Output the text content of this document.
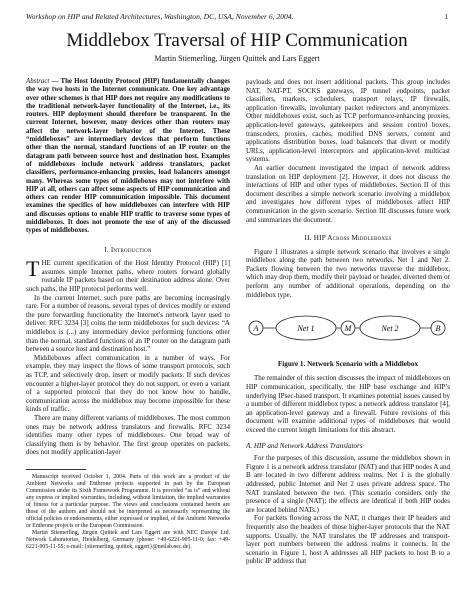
Workshop on HIP and Related Architectures, Washington, DC, USA, November 6, 2004.	1
Middlebox Traversal of HIP Communication
Martin Stiemerling, Jürgen Quittek and Lars Eggert
Abstract — The Host Identity Protocol (HIP) fundamentally changes the way two hosts in the Internet communicate. One key advantage over other schemes is that HIP does not require any modifications to the traditional network-layer functionality of the Internet, i.e., its routers. HIP deployment should therefore be transparent. In the current Internet, however, many devices other than routers may affect the network-layer behavior of the Internet. These “middleboxes” are intermediary devices that perform functions other than the normal, standard functions of an IP router on the datagram path between source host and destination host. Examples of middleboxes include network address translators, packet classifiers, performance-enhancing proxies, load balancers amongst many. Whereas some types of middleboxes may not interfere with HIP at all, others can affect some aspects of HIP communication and others can render HIP communication impossible. This document examines the specifics of how middleboxes can interfere with HIP and discusses options to enable HIP traffic to traverse some types of middleboxes. It does not promote the use of any of the discussed types of middleboxes.
I. Introduction

THE current specification of the Host Identity Protocol (HIP) [1] assumes simple Internet paths, where routers forward globally routable IP packets based on their destination address alone. Over such paths, the HIP protocol performs well.

In the current Internet, such pure paths are becoming increasingly rare. For a number of reasons, several types of devices modify or extend the pure forwarding functionality the Internet's network layer used to deliver. RFC 3234 [3] coins the term middleboxes for such devices: “A middlebox is (...) any intermediary device performing functions other than the normal, standard functions of an IP router on the datagram path between a source host and destination host.”

Middleboxes affect communication in a number of ways. For example, they may inspect the flows of some transport protocols, such as TCP, and selectively drop, insert or modify packets. If such devices encounter a higher-layer protocol they do not support, or even a variant of a supported protocol that they do not know how to handle, communication across the middlebox may become impossible for these kinds of traffic.

There are many different variants of middleboxes. The most common ones may be network address translators and firewalls. RFC 3234 identifies many other types of middleboxes. One broad way of classifying them is by behavior. The first group operates on packets, does not modify application-layer

Manuscript received October 1, 2004. Parts of this work are a product of the Ambient Networks and Enthrone projects supported in part by the European Commission under its Sixth Framework Programme. It is provided “as is” and without any express or implied warranties, including, without limitation, the implied warranties of fitness for a particular purpose. The views and conclusions contained herein are those of the authors and should not be interpreted as necessarily representing the official policies or endorsements, either expressed or implied, of the Ambient Networks or Enthrone projects or the European Commission.

Martin Stiemerling, Jürgen Quittek and Lars Eggert are with NEC Europe Ltd. Network Laboratories, Heidelberg, Germany (phone: +49-6221-905-11-0; fax: +49-6221-905-11-55; e-mail: {stiemerling, quittek, eggert}@netlab.nec.de).

payloads and does not insert additional packets. This group includes NAT, NAT-PT, SOCKS gateways, IP tunnel endpoints, packet classifiers, markers, schedulers, transport relays, IP firewalls, application firewalls, involuntary packet redirectors and anonymizers. Other middleboxes exist, such as TCP performance-enhancing proxies, application-level gateways, gatekeepers and session control boxes, transcoders, proxies, caches, modified DNS servers, content and applications distribution boxes, load balancers that divert or modify URLs, application-level interceptors and application-level multicast systems.

An earlier document investigated the impact of network address translation on HIP deployment [2]. However, it does not discuss the interactions of HIP and other types of middleboxes. Section II of this document describes a simple network scenario involving a middlebox and investigates how different types of middleboxes affect HIP communication in the given scenario. Section III discusses future work and summarizes the document.

II. HIP Across Middleboxes

Figure 1 illustrates a simple network scenario that involves a single middlebox along the path between two networks, Net 1 and Net 2. Packets flowing between the two networks traverse the middlebox, which may drop them, modify their payload or header, diverted them or perform any number of additional operations, depending on the middlebox type.

A	Net 1	M	Net 2	B
Figure 1. Network Scenario with a Middlebox

The remainder of this section discusses the impact of middleboxes on HIP communication, specifically, the HIP base exchange and HIP’s underlying IPsec-based transport. It examines potential issues caused by a number of different middlebox types: a network address translator [4], an application-level gateway and a firewall. Future revisions of this document will examine additional types of middleboxes that would exceed the current length limitations for this abstract.

A. HIP and Network Address Translators

For the purposes of this discussion, assume the middlebox shown in Figure 1 is a network address translator (NAT) and that HIP nodes A and B are located in two different address realms. Net 1 is the globally addressed, public Internet and Net 2 uses private address space. The NAT translated between the two. (This scenario considers only the presence of a single (NAT); the effects are identical if both HIP nodes are located behind NATs.)

For packets flowing across the NAT, it changes their IP headers and frequently also the headers of those higher-layer protocols that the NAT supports. Usually, the NAT translates the IP addresses and transport-layer port numbers between the address realms it connects. In the scenario in Figure 1, host A addresses all HIP packets to host B to a public IP address that
